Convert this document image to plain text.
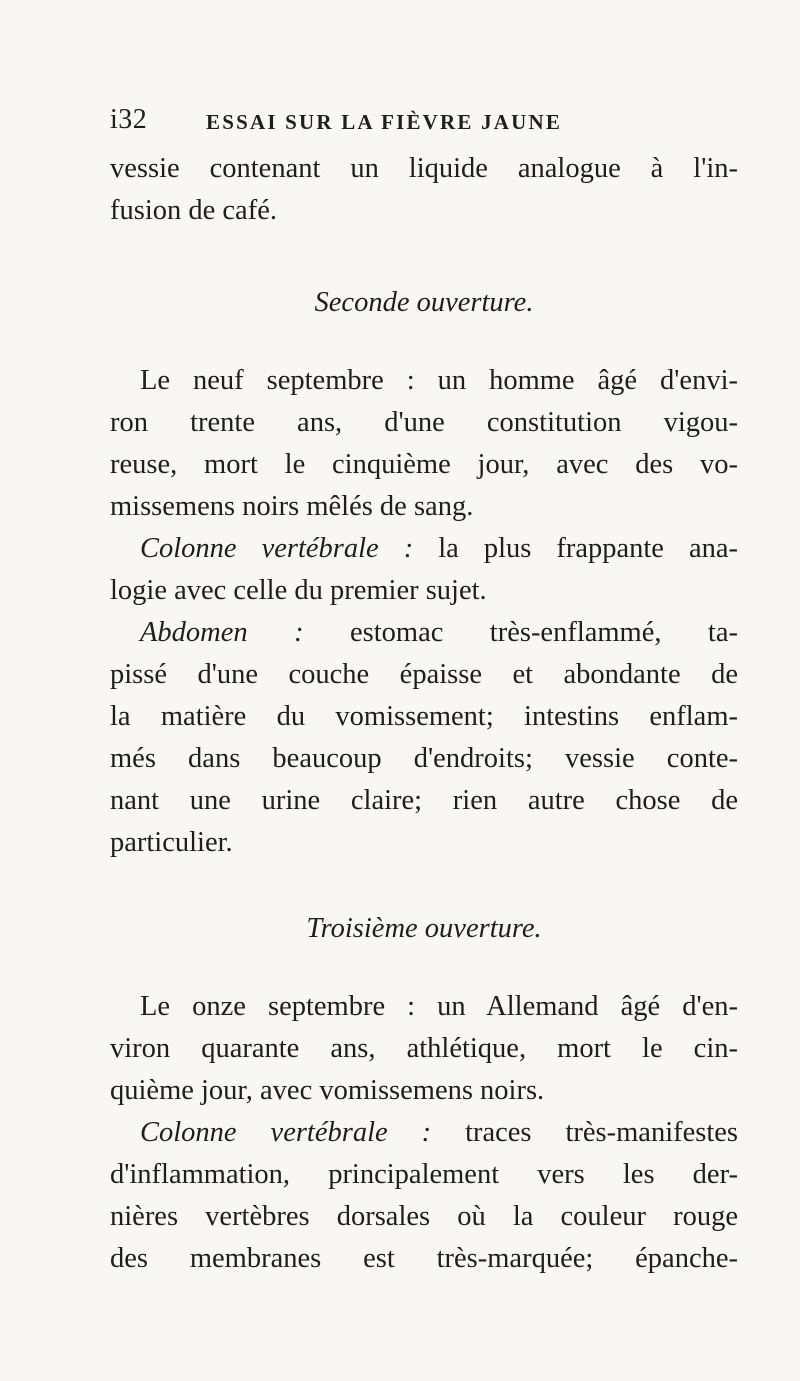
i32	ESSAI SUR LA FIÈVRE JAUNE
vessie contenant un liquide analogue à l'in-
fusion de café.
Seconde ouverture.
Le neuf septembre : un homme âgé d'envi-
ron trente ans, d'une constitution vigou-
reuse, mort le cinquième jour, avec des vo-
missemens noirs mêlés de sang.
Colonne vertébrale : la plus frappante ana-
logie avec celle du premier sujet.
Abdomen : estomac très-enflammé, ta-
pissé d'une couche épaisse et abondante de
la matière du vomissement; intestins enflam-
més dans beaucoup d'endroits; vessie conte-
nant une urine claire; rien autre chose de
particulier.
Troisième ouverture.
Le onze septembre : un Allemand âgé d'en-
viron quarante ans, athlétique, mort le cin-
quième jour, avec vomissemens noirs.
Colonne vertébrale : traces très-manifestes
d'inflammation, principalement vers les der-
nières vertèbres dorsales où la couleur rouge
des membranes est très-marquée; épanche-
